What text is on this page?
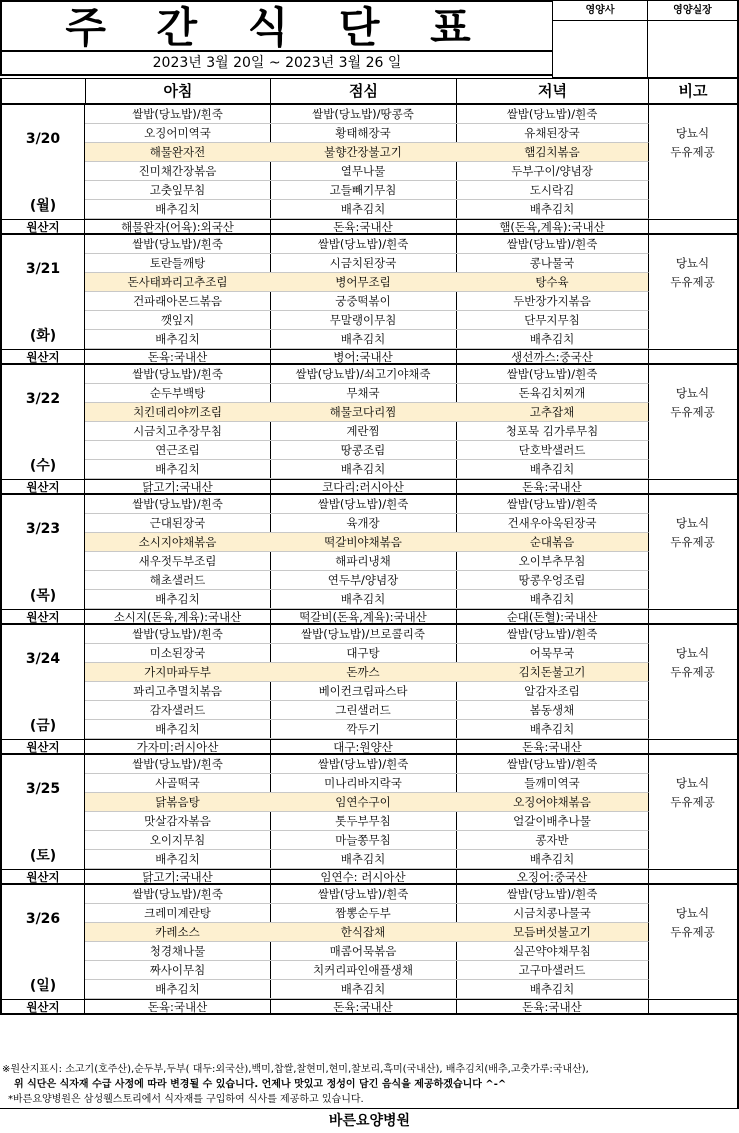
주 간 식 단 표
2023년 3월 20일 ~ 2023년 3월 26 일
영양사	영양실장
아침	점심	저녁	비고
3/20
(월)
쌀밥(당뇨밥)/흰죽	쌀밥(당뇨밥)/땅콩죽	쌀밥(당뇨밥)/흰죽
오징어미역국	황태해장국	유채된장국	당뇨식
해물완자전	불향간장불고기	햄김치볶음	두유제공
진미채간장볶음	열무나물	두부구이/양념장
고춧잎무침	고들빼기무침	도시락김
배추김치	배추김치	배추김치
원산지	해물완자(어육):외국산	돈육:국내산	햄(돈육,계육):국내산
3/21
(화)
쌀밥(당뇨밥)/흰죽	쌀밥(당뇨밥)/흰죽	쌀밥(당뇨밥)/흰죽
토란들깨탕	시금치된장국	콩나물국	당뇨식
돈사태꽈리고추조림	병어무조림	탕수육	두유제공
건파래아몬드볶음	궁중떡볶이	두반장가지볶음
깻잎지	무말랭이무침	단무지무침
배추김치	배추김치	배추김치
원산지	돈육:국내산	병어:국내산	생선까스:중국산
3/22
(수)
쌀밥(당뇨밥)/흰죽	쌀밥(당뇨밥)/쇠고기야채죽	쌀밥(당뇨밥)/흰죽
순두부백탕	무채국	돈육김치찌개	당뇨식
치킨데리야끼조림	해물코다리찜	고추잡채	두유제공
시금치고추장무침	계란찜	청포묵 김가루무침
연근조림	땅콩조림	단호박샐러드
배추김치	배추김치	배추김치
원산지	닭고기:국내산	코다리:러시아산	돈육:국내산
3/23
(목)
쌀밥(당뇨밥)/흰죽	쌀밥(당뇨밥)/흰죽	쌀밥(당뇨밥)/흰죽
근대된장국	육개장	건새우아욱된장국	당뇨식
소시지야채볶음	떡갈비야채볶음	순대볶음	두유제공
새우젓두부조림	해파리냉채	오이부추무침
해초샐러드	연두부/양념장	땅콩우엉조림
배추김치	배추김치	배추김치
원산지	소시지(돈육,계육):국내산	떡갈비(돈육,계육):국내산	순대(돈혈):국내산
3/24
(금)
쌀밥(당뇨밥)/흰죽	쌀밥(당뇨밥)/브로콜리죽	쌀밥(당뇨밥)/흰죽
미소된장국	대구탕	어묵무국	당뇨식
가지마파두부	돈까스	김치돈불고기	두유제공
꽈리고추멸치볶음	베이컨크림파스타	알감자조림
감자샐러드	그린샐러드	봄동생채
배추김치	깍두기	배추김치
원산지	가자미:러시아산	대구:원양산	돈육:국내산
3/25
(토)
쌀밥(당뇨밥)/흰죽	쌀밥(당뇨밥)/흰죽	쌀밥(당뇨밥)/흰죽
사골떡국	미나리바지락국	들깨미역국	당뇨식
닭볶음탕	임연수구이	오징어야채볶음	두유제공
맛살감자볶음	톳두부무침	얼갈이배추나물
오이지무침	마늘쫑무침	콩자반
배추김치	배추김치	배추김치
원산지	닭고기:국내산	임연수: 러시아산	오징어:중국산
3/26
(일)
쌀밥(당뇨밥)/흰죽	쌀밥(당뇨밥)/흰죽	쌀밥(당뇨밥)/흰죽
크레미계란탕	짬뽕순두부	시금치콩나물국	당뇨식
카레소스	한식잡채	모듬버섯불고기	두유제공
청경채나물	매콤어묵볶음	실곤약야채무침
짜사이무침	치커리파인애플생채	고구마샐러드
배추김치	배추김치	배추김치
원산지	돈육:국내산	돈육:국내산	돈육:국내산
※원산지표시: 소고기(호주산),순두부,두부( 대두:외국산),백미,찹쌀,찰현미,현미,찰보리,흑미(국내산), 배추김치(배추,고춧가루:국내산),
위 식단은 식자재 수급 사정에 따라 변경될 수 있습니다. 언제나 맛있고 정성이 담긴 음식을 제공하겠습니다 ^-^
*바른요양병원은 삼성웰스토리에서 식자재를 구입하여 식사를 제공하고 있습니다.
바른요양병원
